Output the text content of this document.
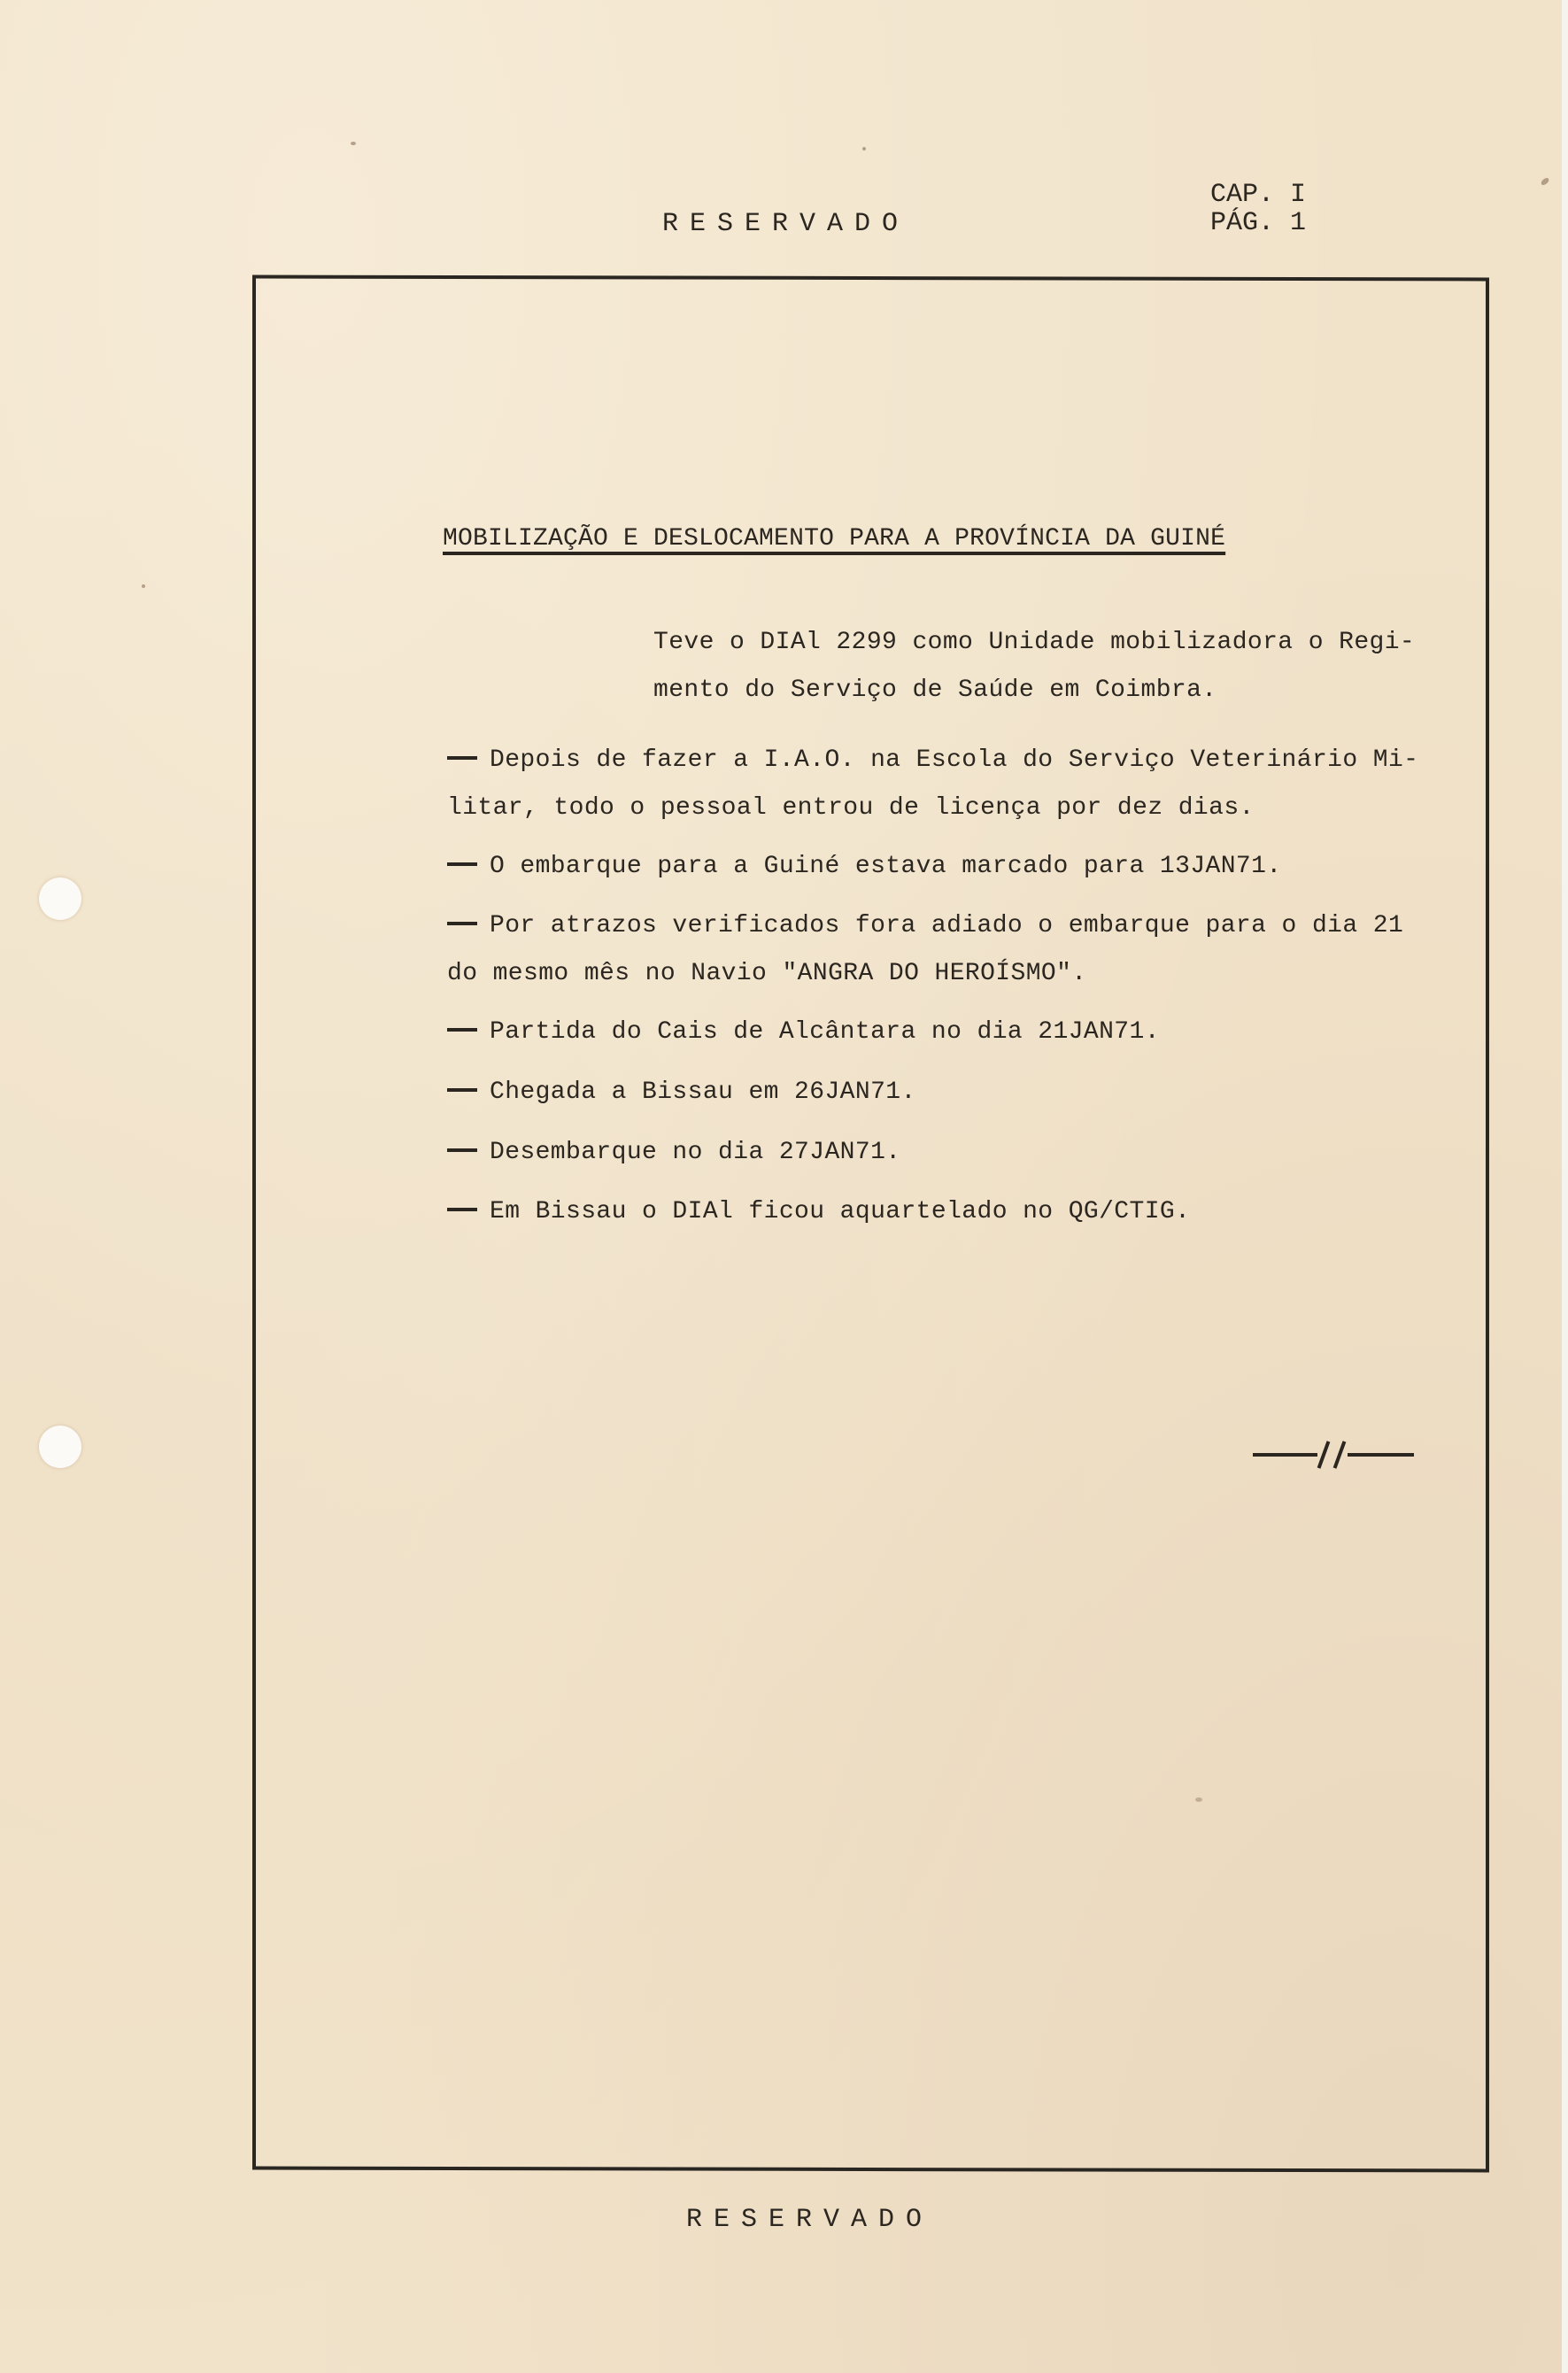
RESERVADO
CAP. I
PÁG. 1
MOBILIZAÇÃO E DESLOCAMENTO PARA A PROVÍNCIA DA GUINÉ
Teve o DIAl 2299 como Unidade mobilizadora o Regi-
mento do Serviço de Saúde em Coimbra.
Depois de fazer a I.A.O. na Escola do Serviço Veterinário Mi-
litar, todo o pessoal entrou de licença por dez dias.
O embarque para a Guiné estava marcado para 13JAN71.
Por atrazos verificados fora adiado o embarque para o dia 21
do mesmo mês no Navio "ANGRA DO HEROÍSMO".
Partida do Cais de Alcântara no dia 21JAN71.
Chegada a Bissau em 26JAN71.
Desembarque no dia 27JAN71.
Em Bissau o DIAl ficou aquartelado no QG/CTIG.
RESERVADO
